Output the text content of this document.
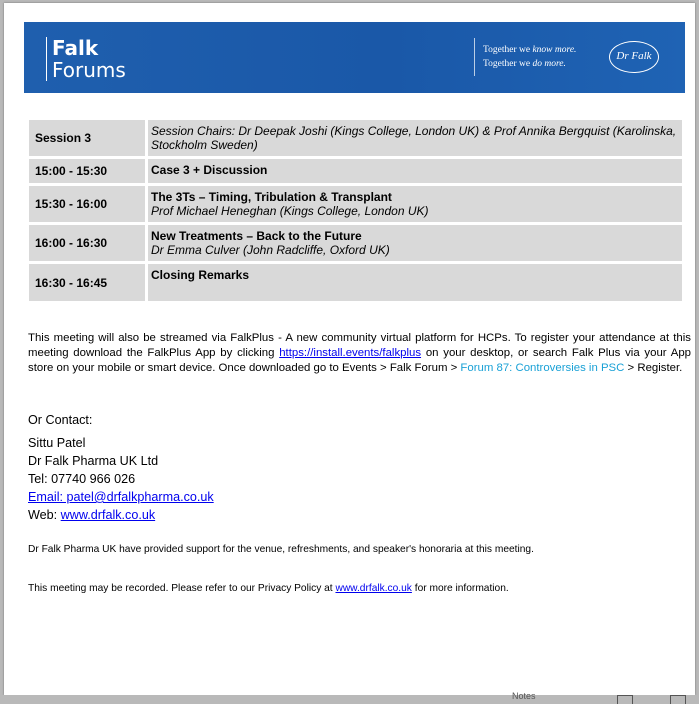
Falk
Forums
Together we know more.
Together we do more.
Dr Falk
Session 3	Session Chairs: Dr Deepak Joshi (Kings College, London UK) & Prof Annika Bergquist (Karolinska, Stockholm Sweden)
15:00 - 15:30	Case 3 + Discussion

15:30 - 16:00	The 3Ts – Timing, Tribulation & Transplant
Prof Michael Heneghan (Kings College, London UK)

16:00 - 16:30	New Treatments – Back to the Future
Dr Emma Culver (John Radcliffe, Oxford UK)

16:30 - 16:45	Closing Remarks
This meeting will also be streamed via FalkPlus - A new community virtual platform for HCPs. To register your attendance at this meeting download the FalkPlus App by clicking https://install.events/falkplus on your desktop, or search Falk Plus via your App store on your mobile or smart device. Once downloaded go to Events > Falk Forum > Forum 87: Controversies in PSC > Register.
Or Contact:
Sittu Patel
Dr Falk Pharma UK Ltd
Tel: 07740 966 026
Email: patel@drfalkpharma.co.uk
Web: www.drfalk.co.uk
Dr Falk Pharma UK have provided support for the venue, refreshments, and speaker's honoraria at this meeting.
This meeting may be recorded. Please refer to our Privacy Policy at www.drfalk.co.uk for more information.
Notes
